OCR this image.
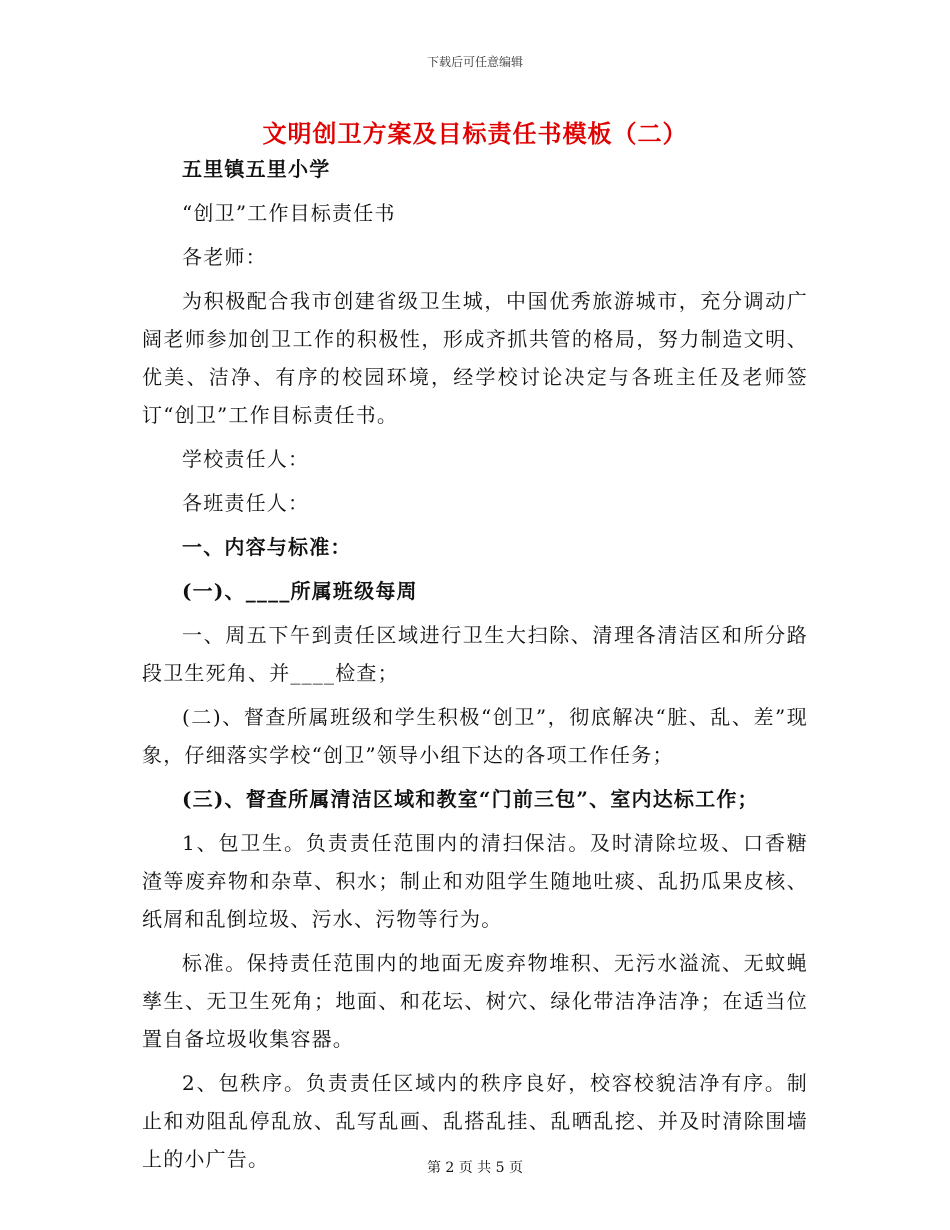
下载后可任意编辑
文明创卫方案及目标责任书模板（二）

五里镇五里小学

“创卫”工作目标责任书

各老师：

为积极配合我市创建省级卫生城，中国优秀旅游城市，充分调动广阔老师参加创卫工作的积极性，形成齐抓共管的格局，努力制造文明、优美、洁净、有序的校园环境，经学校讨论决定与各班主任及老师签订“创卫”工作目标责任书。

学校责任人：

各班责任人：

一、内容与标准：

(一)、____所属班级每周

一、周五下午到责任区域进行卫生大扫除、清理各清洁区和所分路段卫生死角、并____检查；

(二)、督查所属班级和学生积极“创卫”，彻底解决“脏、乱、差”现象，仔细落实学校“创卫”领导小组下达的各项工作任务；

(三)、督查所属清洁区域和教室“门前三包”、室内达标工作；

1、包卫生。负责责任范围内的清扫保洁。及时清除垃圾、口香糖渣等废弃物和杂草、积水；制止和劝阻学生随地吐痰、乱扔瓜果皮核、纸屑和乱倒垃圾、污水、污物等行为。

标准。保持责任范围内的地面无废弃物堆积、无污水溢流、无蚊蝇孳生、无卫生死角；地面、和花坛、树穴、绿化带洁净洁净；在适当位置自备垃圾收集容器。

2、包秩序。负责责任区域内的秩序良好，校容校貌洁净有序。制止和劝阻乱停乱放、乱写乱画、乱搭乱挂、乱晒乱挖、并及时清除围墙上的小广告。	第 2 页 共 5 页
